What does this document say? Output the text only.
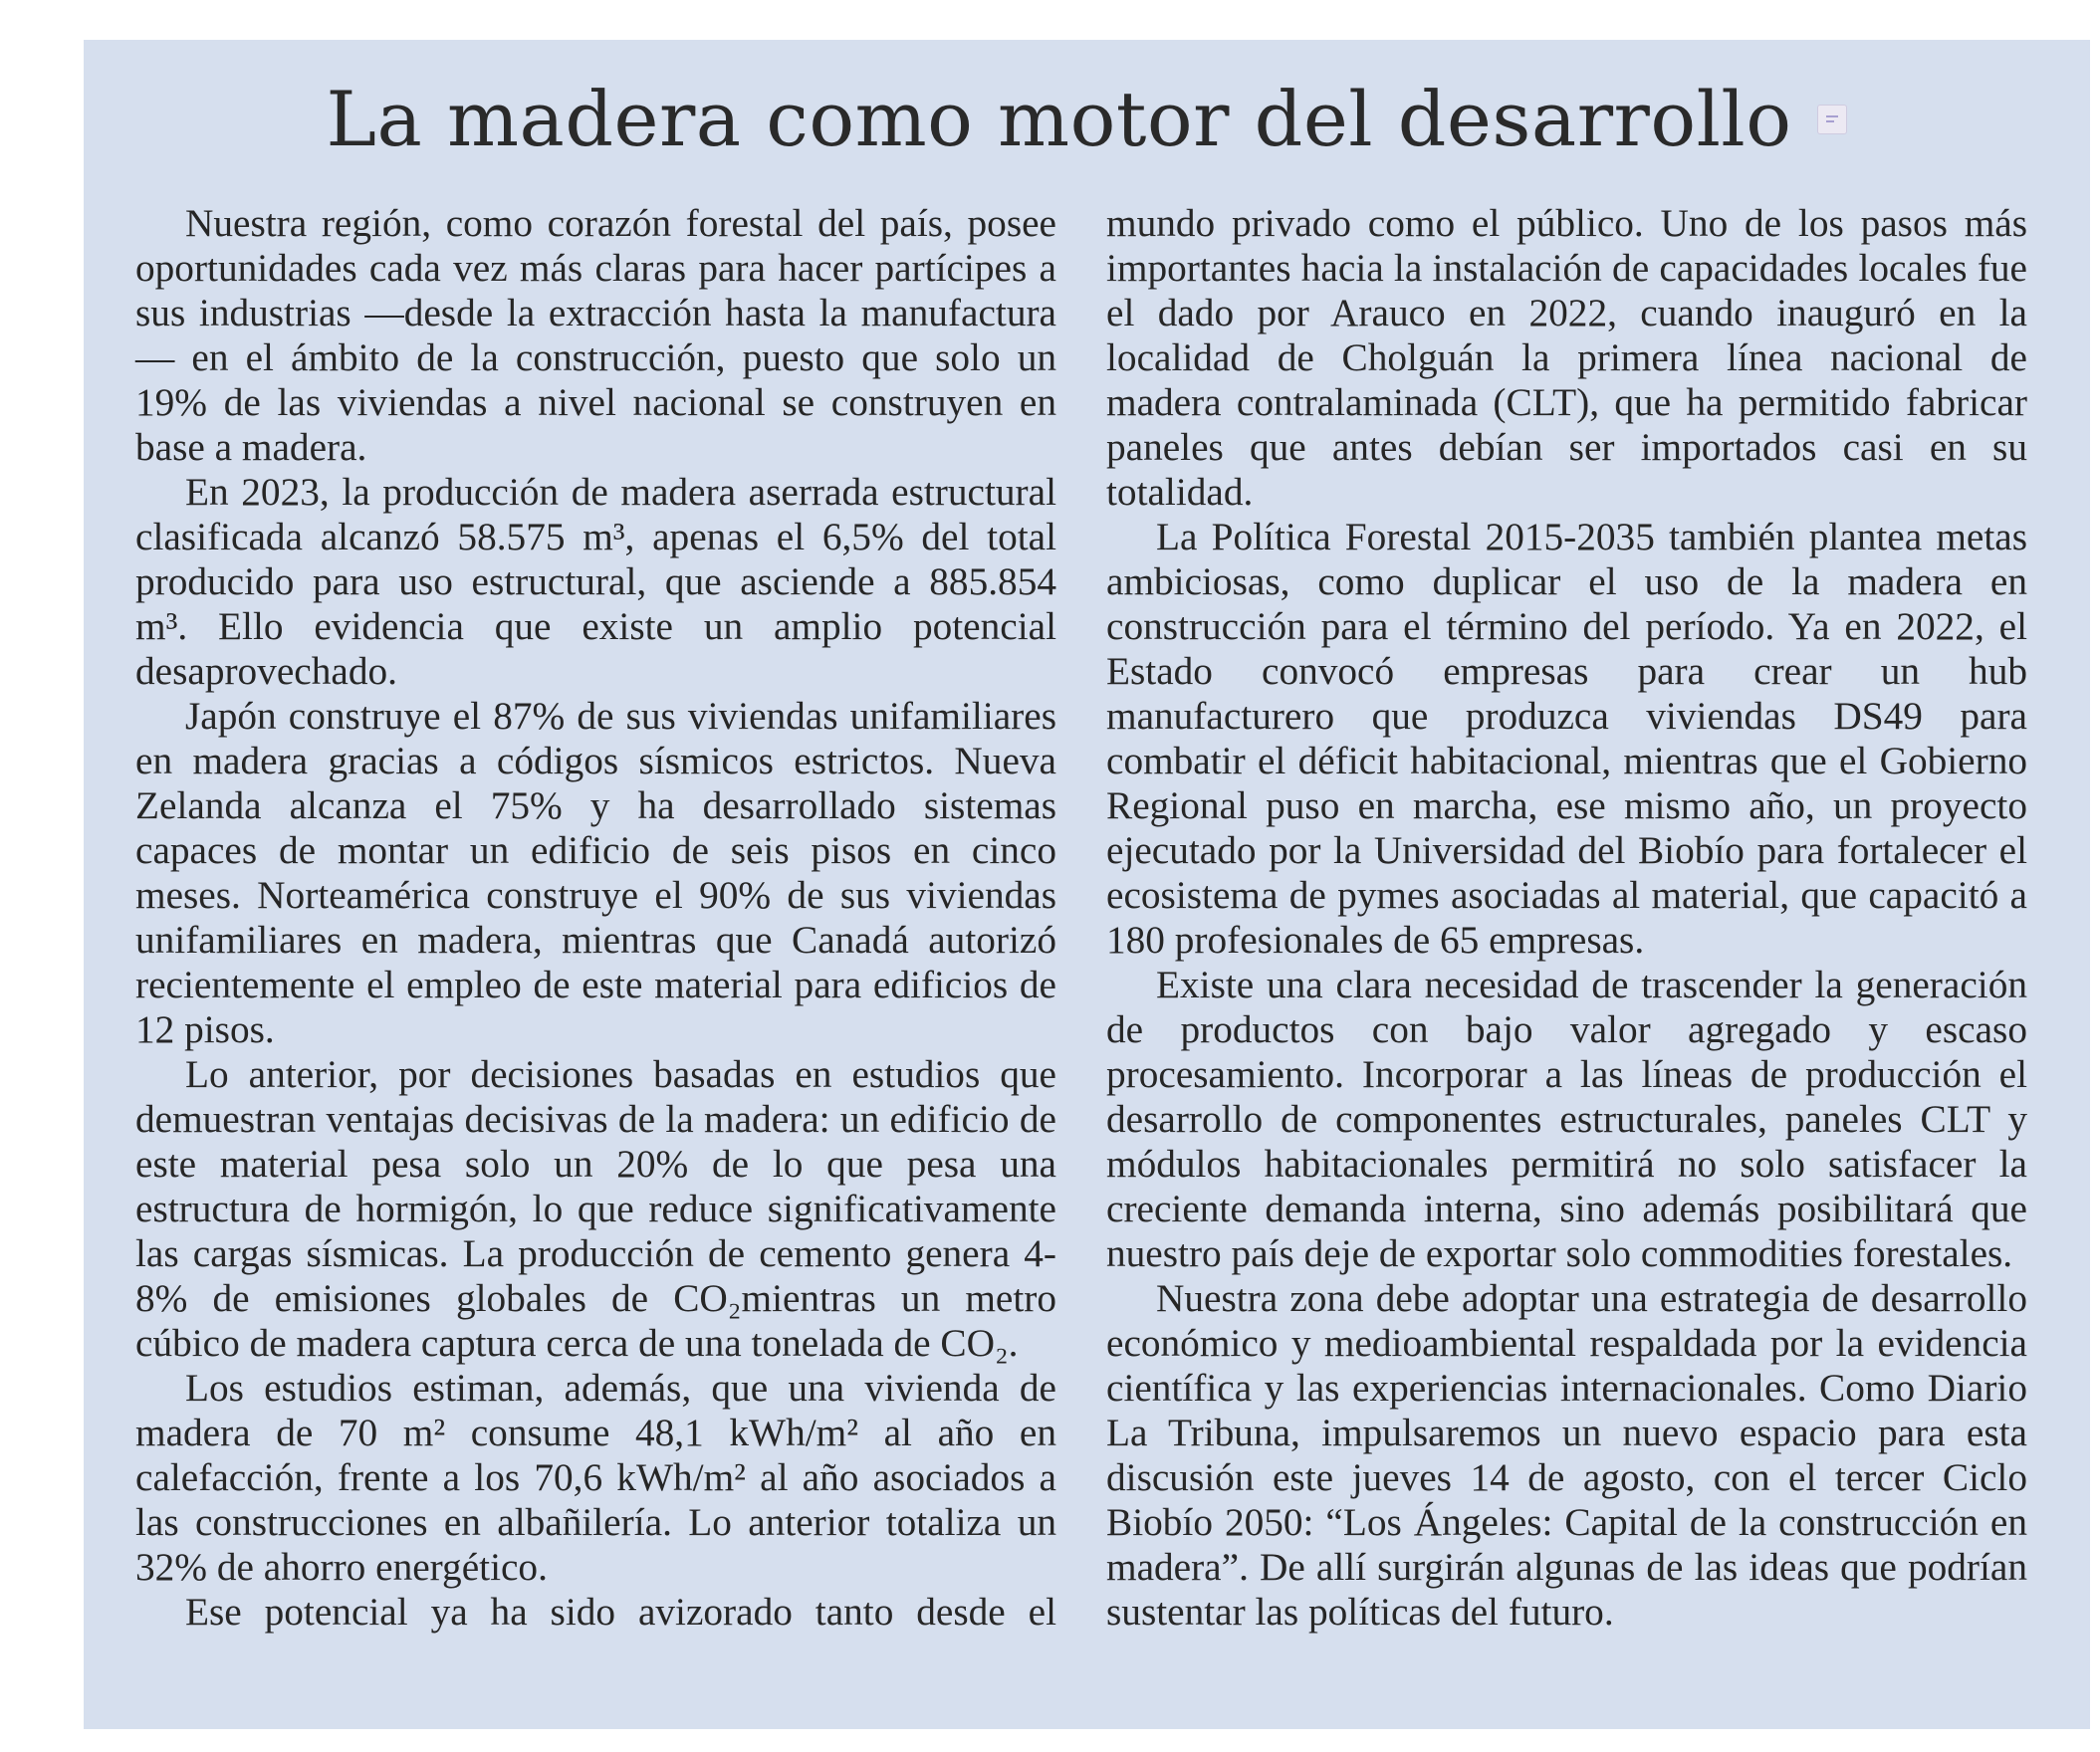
La madera como motor del desarrollo

Nuestra región, como corazón forestal del país, posee oportunidades cada vez más claras para hacer partícipes a sus industrias —desde la extracción hasta la manufactura— en el ámbito de la construcción, puesto que solo un 19% de las viviendas a nivel nacional se construyen en base a madera.

En 2023, la producción de madera aserrada estructural clasificada alcanzó 58.575 m³, apenas el 6,5% del total producido para uso estructural, que asciende a 885.854 m³. Ello evidencia que existe un amplio potencial desaprovechado.

Japón construye el 87% de sus viviendas unifamiliares en madera gracias a códigos sísmicos estrictos. Nueva Zelanda alcanza el 75% y ha desarrollado sistemas capaces de montar un edificio de seis pisos en cinco meses. Norteamérica construye el 90% de sus viviendas unifamiliares en madera, mientras que Canadá autorizó recientemente el empleo de este material para edificios de 12 pisos.

Lo anterior, por decisiones basadas en estudios que demuestran ventajas decisivas de la madera: un edificio de este material pesa solo un 20% de lo que pesa una estructura de hormigón, lo que reduce significativamente las cargas sísmicas. La producción de cemento genera 4-8% de emisiones globales de CO₂mientras un metro cúbico de madera captura cerca de una tonelada de CO₂.

Los estudios estiman, además, que una vivienda de madera de 70 m² consume 48,1 kWh/m² al año en calefacción, frente a los 70,6 kWh/m² al año asociados a las construcciones en albañilería. Lo anterior totaliza un 32% de ahorro energético.

Ese potencial ya ha sido avizorado tanto desde el

mundo privado como el público. Uno de los pasos más importantes hacia la instalación de capacidades locales fue el dado por Arauco en 2022, cuando inauguró en la localidad de Cholguán la primera línea nacional de madera contralaminada (CLT), que ha permitido fabricar paneles que antes debían ser importados casi en su totalidad.

La Política Forestal 2015-2035 también plantea metas ambiciosas, como duplicar el uso de la madera en construcción para el término del período. Ya en 2022, el Estado convocó empresas para crear un hub manufacturero que produzca viviendas DS49 para combatir el déficit habitacional, mientras que el Gobierno Regional puso en marcha, ese mismo año, un proyecto ejecutado por la Universidad del Biobío para fortalecer el ecosistema de pymes asociadas al material, que capacitó a 180 profesionales de 65 empresas.

Existe una clara necesidad de trascender la generación de productos con bajo valor agregado y escaso procesamiento. Incorporar a las líneas de producción el desarrollo de componentes estructurales, paneles CLT y módulos habitacionales permitirá no solo satisfacer la creciente demanda interna, sino además posibilitará que nuestro país deje de exportar solo commodities forestales.

Nuestra zona debe adoptar una estrategia de desarrollo económico y medioambiental respaldada por la evidencia científica y las experiencias internacionales. Como Diario La Tribuna, impulsaremos un nuevo espacio para esta discusión este jueves 14 de agosto, con el tercer Ciclo Biobío 2050: “Los Ángeles: Capital de la construcción en madera”. De allí surgirán algunas de las ideas que podrían sustentar las políticas del futuro.
